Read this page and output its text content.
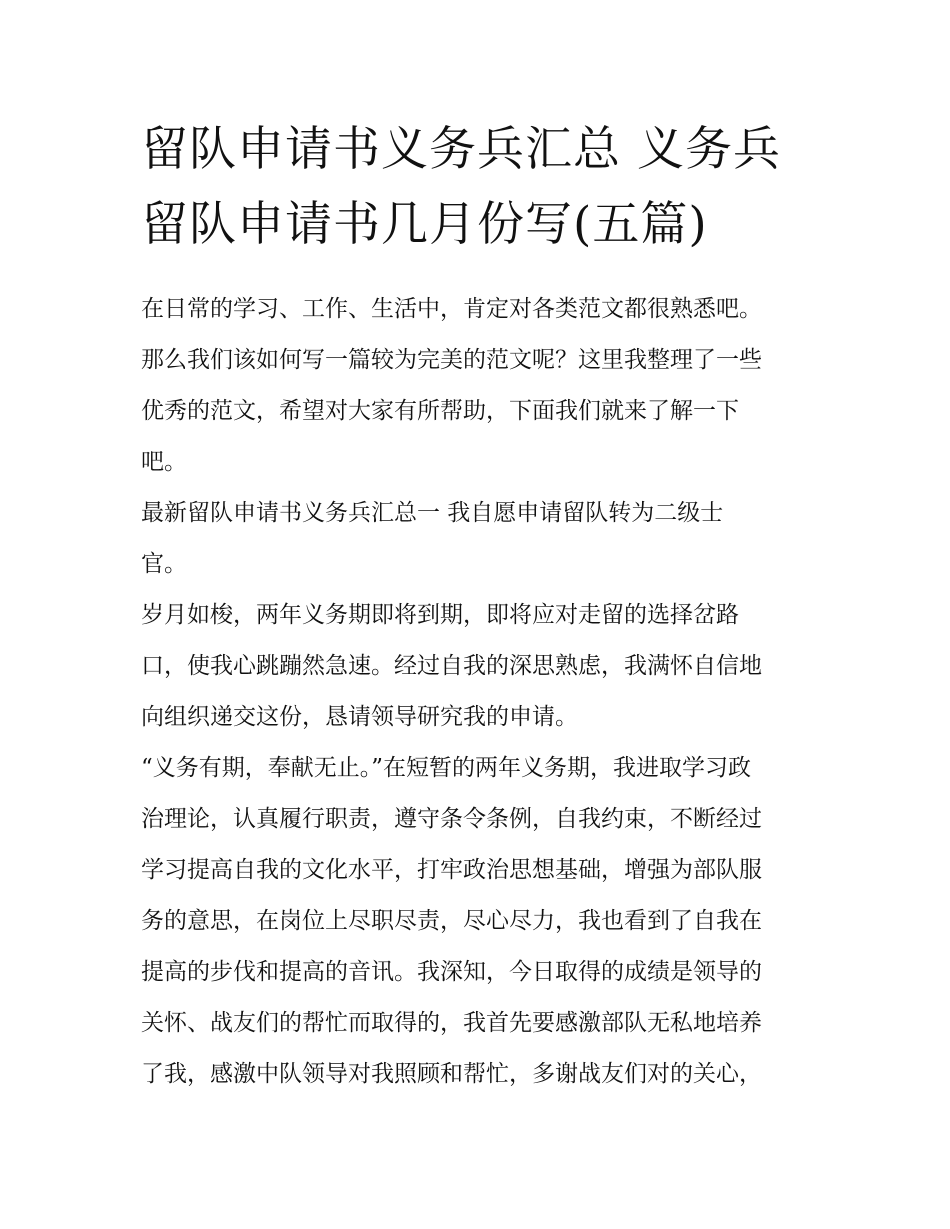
留队申请书义务兵汇总 义务兵
留队申请书几月份写(五篇)

在日常的学习、工作、生活中，肯定对各类范文都很熟悉吧。
那么我们该如何写一篇较为完美的范文呢？这里我整理了一些
优秀的范文，希望对大家有所帮助，下面我们就来了解一下
吧。

最新留队申请书义务兵汇总一 我自愿申请留队转为二级士
官。

岁月如梭，两年义务期即将到期，即将应对走留的选择岔路
口，使我心跳蹦然急速。经过自我的深思熟虑，我满怀自信地
向组织递交这份，恳请领导研究我的申请。

“义务有期，奉献无止。”在短暂的两年义务期，我进取学习政
治理论，认真履行职责，遵守条令条例，自我约束，不断经过
学习提高自我的文化水平，打牢政治思想基础，增强为部队服
务的意思，在岗位上尽职尽责，尽心尽力，我也看到了自我在
提高的步伐和提高的音讯。我深知，今日取得的成绩是领导的
关怀、战友们的帮忙而取得的，我首先要感激部队无私地培养
了我，感激中队领导对我照顾和帮忙，多谢战友们对的关心，
